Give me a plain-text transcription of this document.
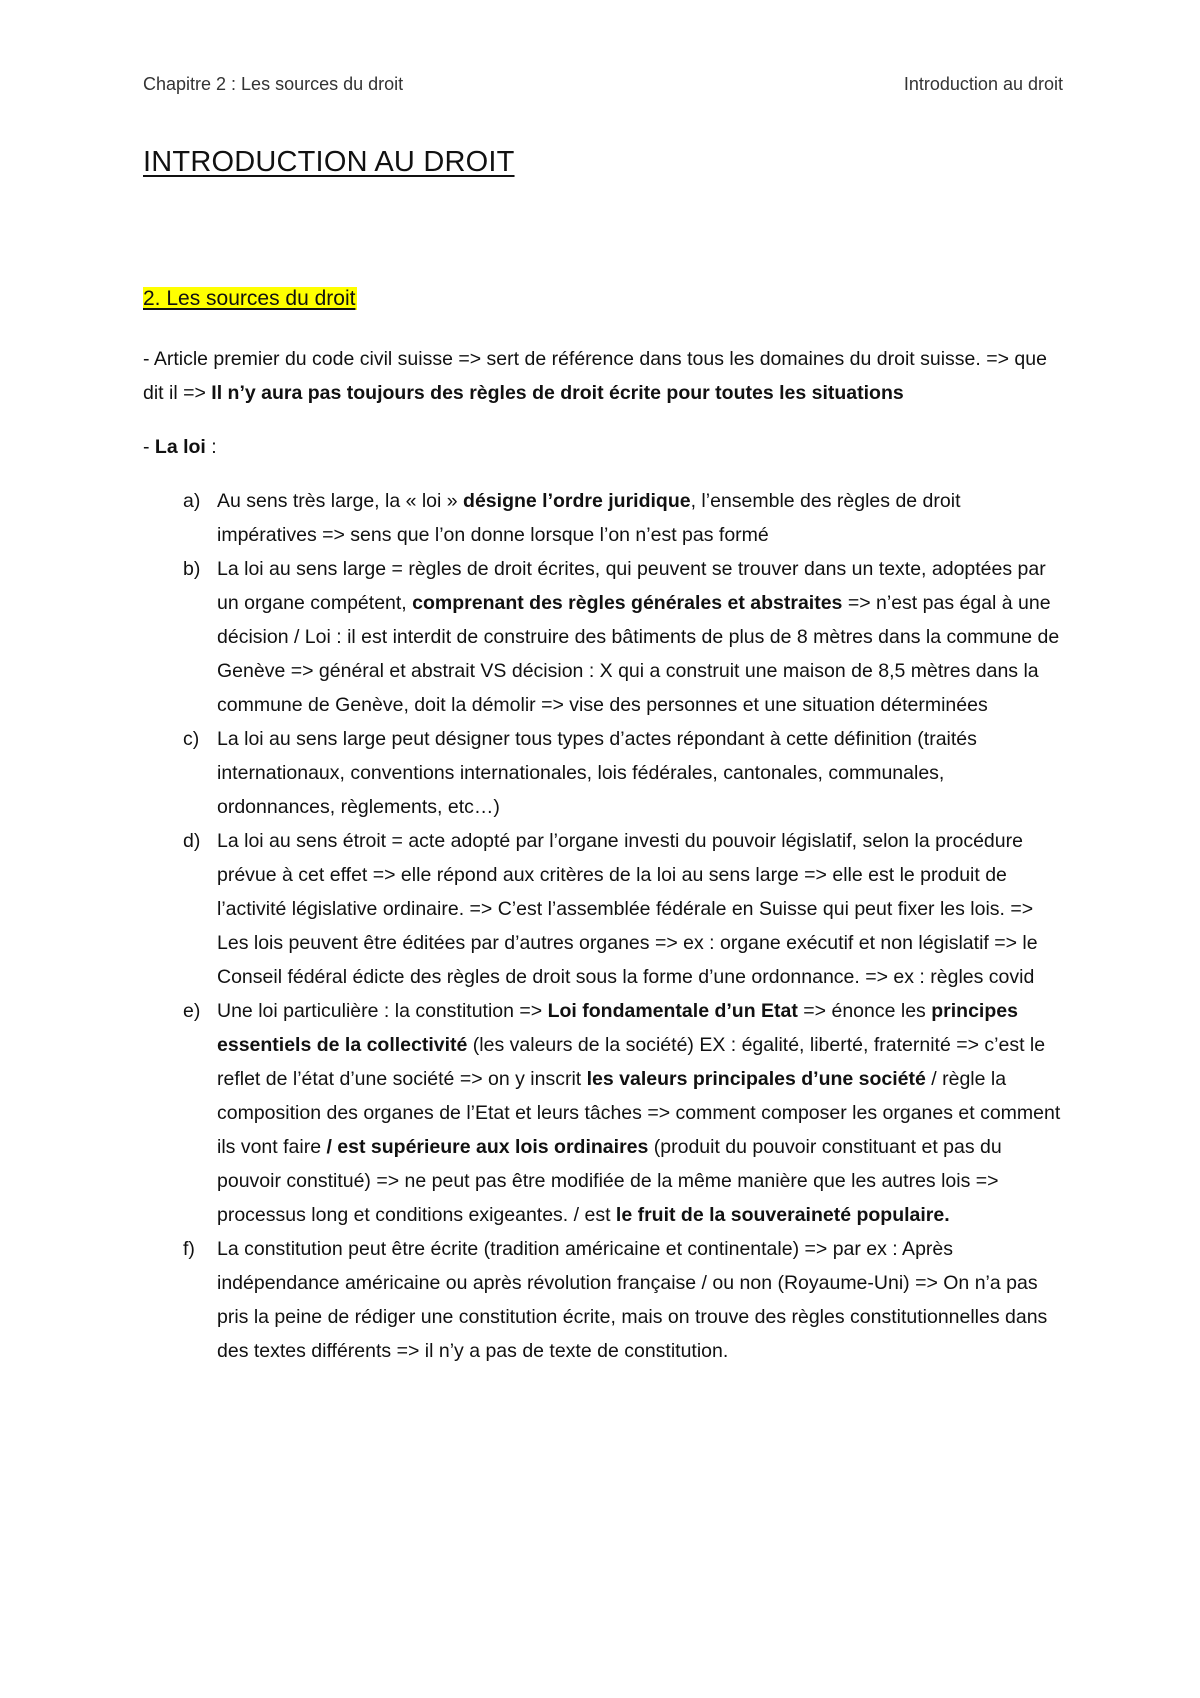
Chapitre 2 : Les sources du droit	Introduction au droit
INTRODUCTION AU DROIT
2. Les sources du droit

- Article premier du code civil suisse => sert de référence dans tous les domaines du droit suisse. => que dit il => Il n’y aura pas toujours des règles de droit écrite pour toutes les situations

- La loi :

a) Au sens très large, la « loi » désigne l’ordre juridique, l’ensemble des règles de droit impératives => sens que l’on donne lorsque l’on n’est pas formé
b) La loi au sens large = règles de droit écrites, qui peuvent se trouver dans un texte, adoptées par un organe compétent, comprenant des règles générales et abstraites => n’est pas égal à une décision / Loi : il est interdit de construire des bâtiments de plus de 8 mètres dans la commune de Genève => général et abstrait VS décision : X qui a construit une maison de 8,5 mètres dans la commune de Genève, doit la démolir => vise des personnes et une situation déterminées
c) La loi au sens large peut désigner tous types d’actes répondant à cette définition (traités internationaux, conventions internationales, lois fédérales, cantonales, communales, ordonnances, règlements, etc…)
d) La loi au sens étroit = acte adopté par l’organe investi du pouvoir législatif, selon la procédure prévue à cet effet => elle répond aux critères de la loi au sens large => elle est le produit de l’activité législative ordinaire. => C’est l’assemblée fédérale en Suisse qui peut fixer les lois. => Les lois peuvent être éditées par d’autres organes => ex : organe exécutif et non législatif => le Conseil fédéral édicte des règles de droit sous la forme d’une ordonnance. => ex : règles covid
e) Une loi particulière : la constitution => Loi fondamentale d’un Etat => énonce les principes essentiels de la collectivité (les valeurs de la société) EX : égalité, liberté, fraternité => c’est le reflet de l’état d’une société => on y inscrit les valeurs principales d’une société / règle la composition des organes de l’Etat et leurs tâches => comment composer les organes et comment ils vont faire / est supérieure aux lois ordinaires (produit du pouvoir constituant et pas du pouvoir constitué) => ne peut pas être modifiée de la même manière que les autres lois => processus long et conditions exigeantes. / est le fruit de la souveraineté populaire.
f) La constitution peut être écrite (tradition américaine et continentale) => par ex : Après indépendance américaine ou après révolution française / ou non (Royaume-Uni) => On n’a pas pris la peine de rédiger une constitution écrite, mais on trouve des règles constitutionnelles dans des textes différents => il n’y a pas de texte de constitution.
